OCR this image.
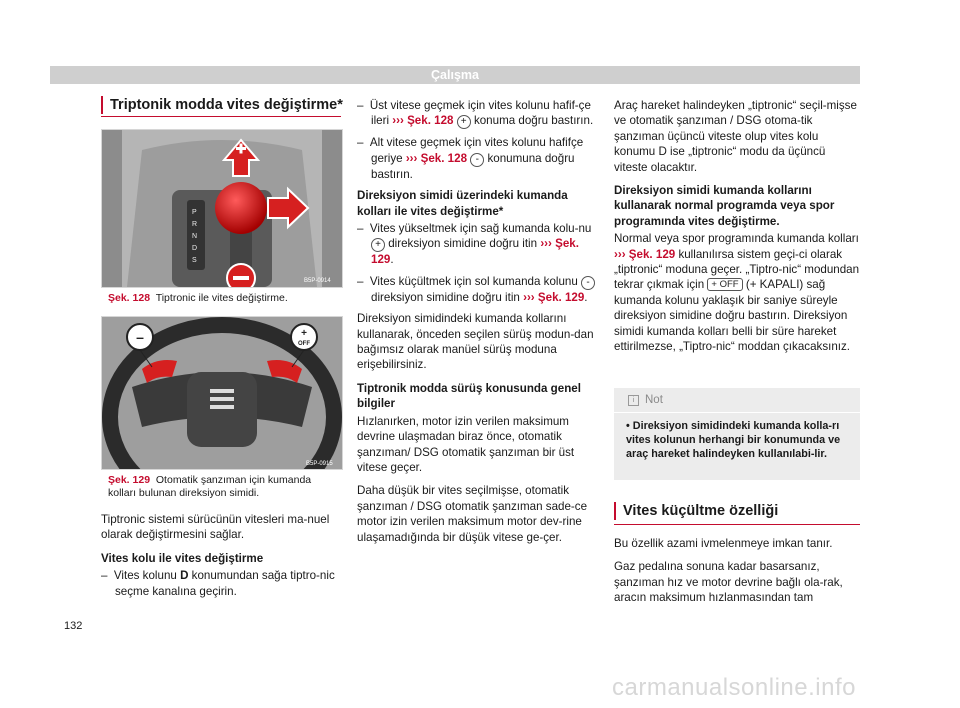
Çalışma
Triptonik modda vites değiştirme*
P
R
N
D
S
B5P-0914
Şek. 128 Tiptronic ile vites değiştirme.
–	+
OFF
B5P-0915
Şek. 129 Otomatik şanzıman için kumanda kolları bulunan direksiyon simidi.

Tiptronic sistemi sürücünün vitesleri ma-nuel olarak değiştirmesini sağlar.

Vites kolu ile vites değiştirme

–  Vites kolunu D konumundan sağa tiptro-nic seçme kanalına geçirin.

–  Üst vitese geçmek için vites kolunu hafif-çe ileri ››› Şek. 128 + konuma doğru bastırın.

–  Alt vitese geçmek için vites kolunu hafifçe geriye ››› Şek. 128 - konumuna doğru bastırın.

Direksiyon simidi üzerindeki kumanda kolları ile vites değiştirme*

–  Vites yükseltmek için sağ kumanda kolu-nu + direksiyon simidine doğru itin ››› Şek. 129.

–  Vites küçültmek için sol kumanda kolunu - direksiyon simidine doğru itin ››› Şek. 129.

Direksiyon simidindeki kumanda kollarını kullanarak, önceden seçilen sürüş modun-dan bağımsız olarak manüel sürüş moduna erişebilirsiniz.

Tiptronik modda sürüş konusunda genel bilgiler

Hızlanırken, motor izin verilen maksimum devrine ulaşmadan biraz önce, otomatik şanzıman/ DSG otomatik şanzıman bir üst vitese geçer.

Daha düşük bir vites seçilmişse, otomatik şanzıman / DSG otomatik şanzıman sade-ce motor izin verilen maksimum motor dev-rine ulaşamadığında bir düşük vitese ge-çer.

Araç hareket halindeyken „tiptronic“ seçil-mişse ve otomatik şanzıman / DSG otoma-tik şanzıman üçüncü viteste olup vites kolu konumu D ise „tiptronic“ modu da üçüncü viteste olacaktır.

Direksiyon simidi kumanda kollarını kullanarak normal programda veya spor programında vites değiştirme.

Normal veya spor programında kumanda kolları ››› Şek. 129 kullanılırsa sistem geçi-ci olarak „tiptronic“ moduna geçer. „Tiptro-nic“ modundan tekrar çıkmak için + OFF (+ KAPALI) sağ kumanda kolunu yaklaşık bir saniye süreyle direksiyon simidine doğru bastırın. Direksiyon simidi kumanda kolları belli bir süre hareket ettirilmezse, „Tiptro-nic“ moddan çıkacaksınız.

i Not
• Direksiyon simidindeki kumanda kolla-rı vites kolunun herhangi bir konumunda ve araç hareket halindeyken kullanılabi-lir.
Vites küçültme özelliği

Bu özellik azami ivmelenmeye imkan tanır.

Gaz pedalına sonuna kadar basarsanız, şanzıman hız ve motor devrine bağlı ola-rak, aracın maksimum hızlanmasından tam

132
carmanualsonline.info
